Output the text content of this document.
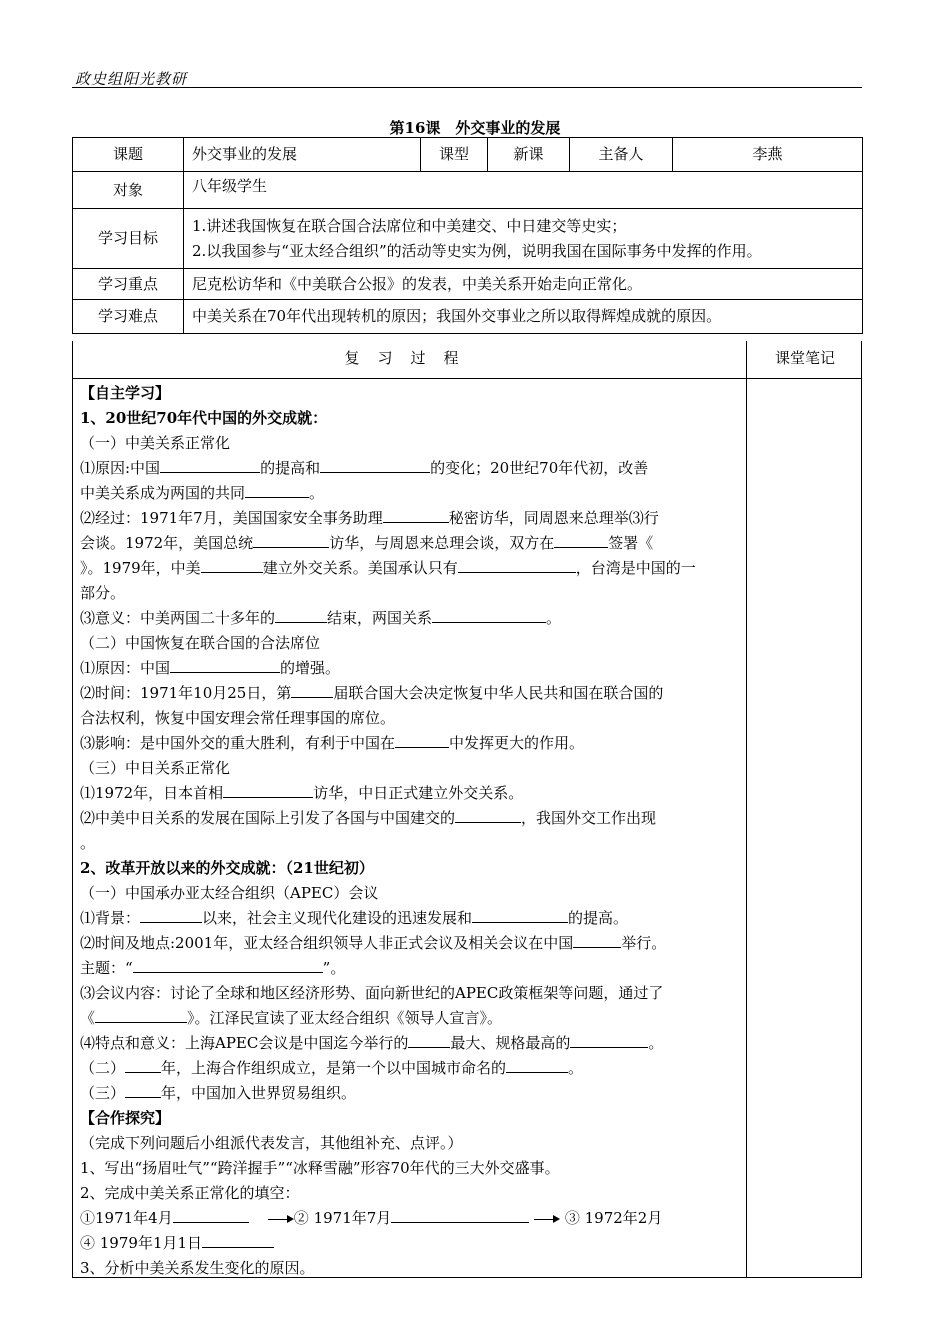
政史组阳光教研
第16课　外交事业的发展
课题	外交事业的发展	课型	新课	主备人	李燕
对象	八年级学生				
学习目标	1.讲述我国恢复在联合国合法席位和中美建交、中日建交等史实；
2.以我国参与“亚太经合组织”的活动等史实为例，说明我国在国际事务中发挥的作用。				

学习重点	尼克松访华和《中美联合公报》的发表，中美关系开始走向正常化。				
学习难点	中美关系在70年代出现转机的原因；我国外交事业之所以取得辉煌成就的原因。				
复习过程	课堂笔记
【自主学习】
1、20世纪70年代中国的外交成就：
（一）中美关系正常化
⑴原因:中国	的提高和	的变化；20世纪70年代初，改善
中美关系成为两国的共同	。
⑵经过：1971年7月，美国国家安全事务助理	秘密访华，同周恩来总理举⑶行
会谈。1972年，美国总统	访华，与周恩来总理会谈，双方在	签署《
》。1979年，中美	建立外交关系。美国承认只有	，台湾是中国的一
部分。
⑶意义：中美两国二十多年的	结束，两国关系	。
（二）中国恢复在联合国的合法席位
⑴原因：中国	的增强。
⑵时间：1971年10月25日，第	届联合国大会决定恢复中华人民共和国在联合国的
合法权利，恢复中国安理会常任理事国的席位。
⑶影响：是中国外交的重大胜利，有利于中国在	中发挥更大的作用。
（三）中日关系正常化
⑴1972年，日本首相	访华，中日正式建立外交关系。
⑵中美中日关系的发展在国际上引发了各国与中国建交的	，我国外交工作出现
。
2、改革开放以来的外交成就：（21世纪初）
（一）中国承办亚太经合组织（APEC）会议
⑴背景：	以来，社会主义现代化建设的迅速发展和	的提高。
⑵时间及地点:2001年，亚太经合组织领导人非正式会议及相关会议在中国	举行。
主题：“	”。
⑶会议内容：讨论了全球和地区经济形势、面向新世纪的APEC政策框架等问题，通过了
《	》。江泽民宣读了亚太经合组织《领导人宣言》。
⑷特点和意义：上海APEC会议是中国迄今举行的	最大、规格最高的	。
（二） 年，上海合作组织成立，是第一个以中国城市命名的	。
（三） 年，中国加入世界贸易组织。
【合作探究】
（完成下列问题后小组派代表发言，其他组补充、点评。）
1、写出“扬眉吐气”“跨洋握手”“冰释雪融”形容70年代的三大外交盛事。
2、完成中美关系正常化的填空：
①1971年4月	② 1971年7月	③ 1972年2月
④ 1979年1月1日
3、分析中美关系发生变化的原因。
